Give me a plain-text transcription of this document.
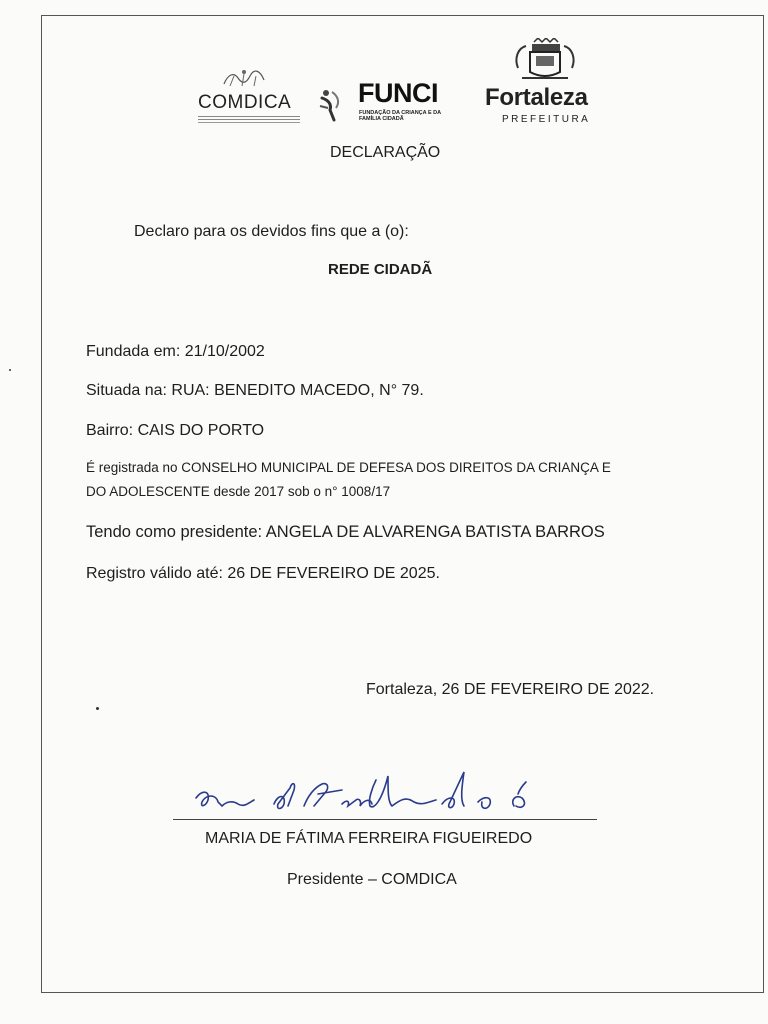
COMDICA FUNCI
FUNDAÇÃO DA CRIANÇA E DA FAMÍLIA CIDADÃ
Fortaleza
PREFEITURA
DECLARAÇÃO
Declaro para os devidos fins que a (o):
REDE CIDADÃ
Fundada em: 21/10/2002
Situada na: RUA: BENEDITO MACEDO, N° 79.
Bairro: CAIS DO PORTO
É registrada no CONSELHO MUNICIPAL DE DEFESA DOS DIREITOS DA CRIANÇA E
DO ADOLESCENTE desde 2017 sob o n° 1008/17
Tendo como presidente: ANGELA DE ALVARENGA BATISTA BARROS
Registro válido até: 26 DE FEVEREIRO DE 2025.
Fortaleza, 26 DE FEVEREIRO DE 2022.
MARIA DE FÁTIMA FERREIRA FIGUEIREDO
Presidente – COMDICA
